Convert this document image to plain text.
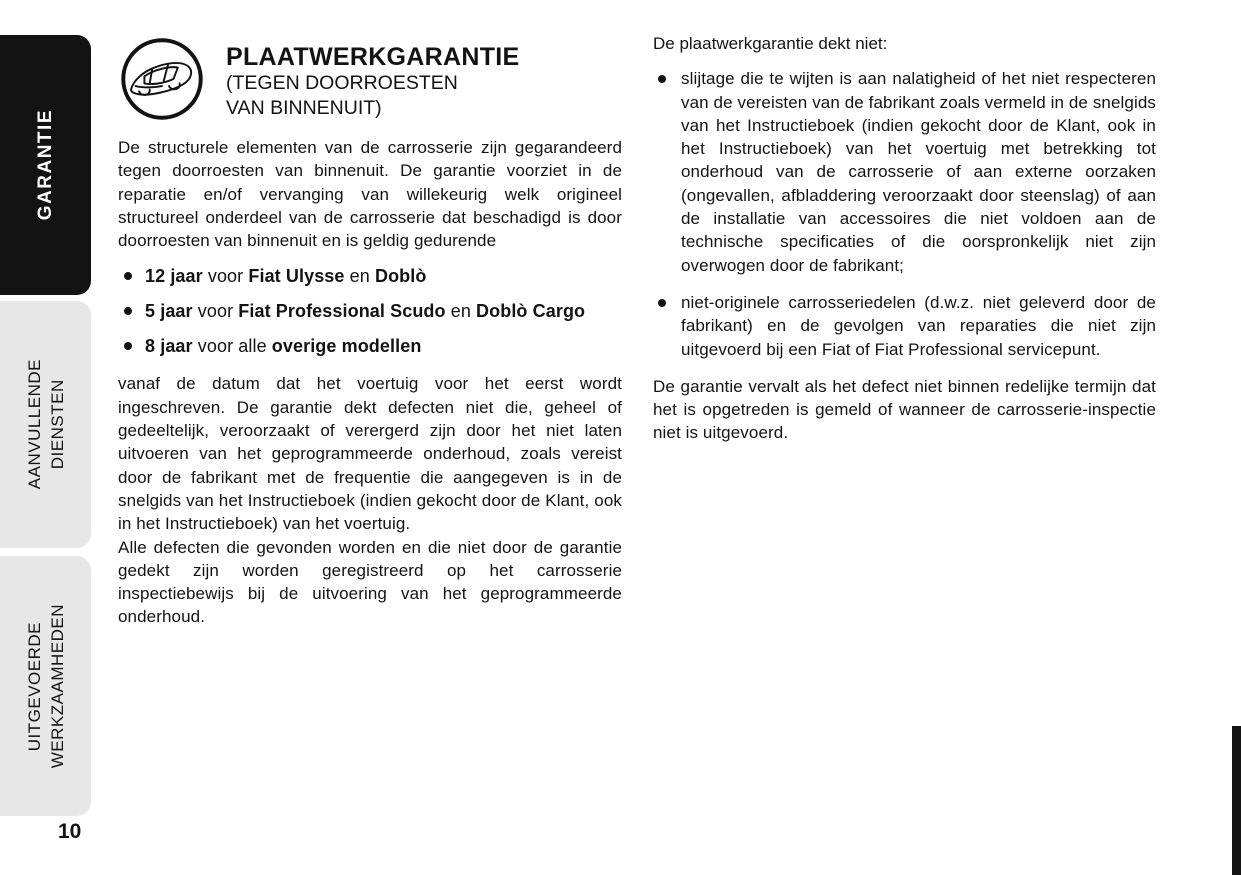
GARANTIE
AANVULLENDE DIENSTEN
UITGEVOERDE WERKZAAMHEDEN
10
PLAATWERKGARANTIE
(TEGEN DOORROESTEN
VAN BINNENUIT)

De structurele elementen van de carrosserie zijn gegarandeerd tegen doorroesten van binnenuit. De garantie voorziet in de reparatie en/of vervanging van willekeurig welk origineel structureel onderdeel van de carrosserie dat beschadigd is door doorroesten van binnenuit en is geldig gedurende

12 jaar voor Fiat Ulysse en Doblò
5 jaar voor Fiat Professional Scudo en Doblò Cargo
8 jaar voor alle overige modellen

vanaf de datum dat het voertuig voor het eerst wordt ingeschreven. De garantie dekt defecten niet die, geheel of gedeeltelijk, veroorzaakt of verergerd zijn door het niet laten uitvoeren van het geprogrammeerde onderhoud, zoals vereist door de fabrikant met de frequentie die aangegeven is in de snelgids van het Instructieboek (indien gekocht door de Klant, ook in het Instructieboek) van het voertuig.

Alle defecten die gevonden worden en die niet door de garantie gedekt zijn worden geregistreerd op het carrosserie inspectiebewijs bij de uitvoering van het geprogrammeerde onderhoud.

De plaatwerkgarantie dekt niet:

slijtage die te wijten is aan nalatigheid of het niet respecteren van de vereisten van de fabrikant zoals vermeld in de snelgids van het Instructieboek (indien gekocht door de Klant, ook in het Instructieboek) van het voertuig met betrekking tot onderhoud van de carrosserie of aan externe oorzaken (ongevallen, afbladdering veroorzaakt door steenslag) of aan de installatie van accessoires die niet voldoen aan de technische specificaties of die oorspronkelijk niet zijn overwogen door de fabrikant;
niet-originele carrosseriedelen (d.w.z. niet geleverd door de fabrikant) en de gevolgen van reparaties die niet zijn uitgevoerd bij een Fiat of Fiat Professional servicepunt.

De garantie vervalt als het defect niet binnen redelijke termijn dat het is opgetreden is gemeld of wanneer de carrosserie-inspectie niet is uitgevoerd.
